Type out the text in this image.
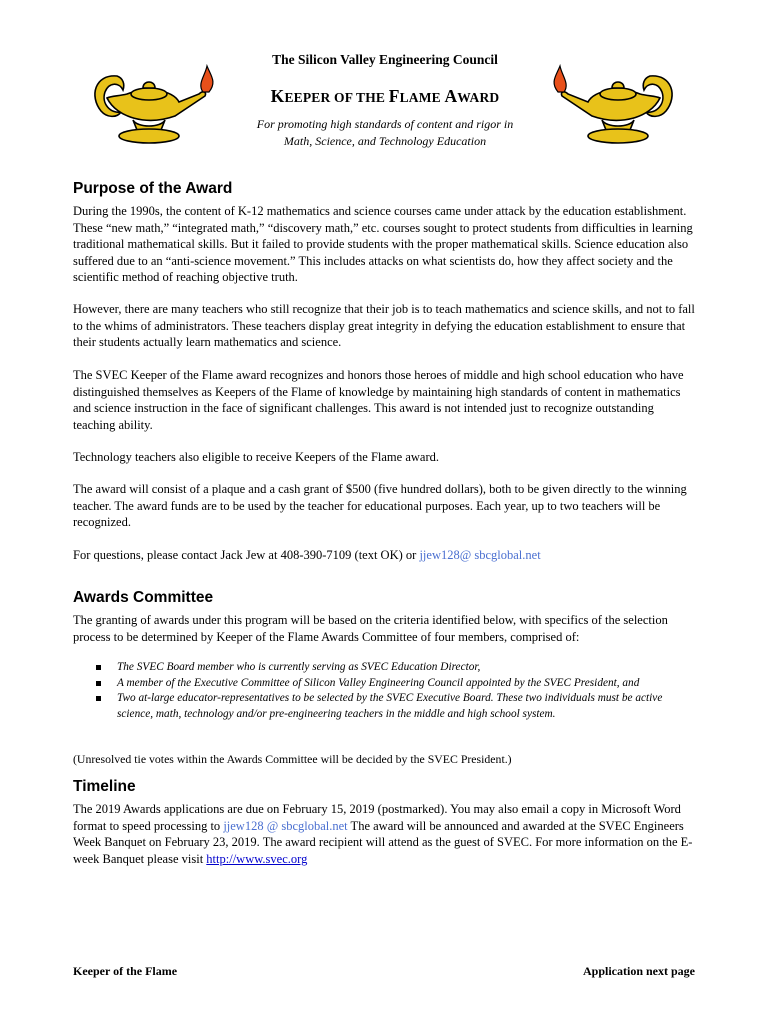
The Silicon Valley Engineering Council
KEEPER OF THE FLAME AWARD
For promoting high standards of content and rigor in
Math, Science, and Technology Education
Purpose of the Award
During the 1990s, the content of K-12 mathematics and science courses came under attack by the education establishment. These “new math,” “integrated math,” “discovery math,” etc. courses sought to protect students from difficulties in learning traditional mathematical skills. But it failed to provide students with the proper mathematical skills. Science education also suffered due to an “anti-science movement.” This includes attacks on what scientists do, how they affect society and the scientific method of reaching objective truth.
However, there are many teachers who still recognize that their job is to teach mathematics and science skills, and not to fall to the whims of administrators. These teachers display great integrity in defying the education establishment to ensure that their students actually learn mathematics and science.
The SVEC Keeper of the Flame award recognizes and honors those heroes of middle and high school education who have distinguished themselves as Keepers of the Flame of knowledge by maintaining high standards of content in mathematics and science instruction in the face of significant challenges. This award is not intended just to recognize outstanding teaching ability.
Technology teachers also eligible to receive Keepers of the Flame award.
The award will consist of a plaque and a cash grant of $500 (five hundred dollars), both to be given directly to the winning teacher. The award funds are to be used by the teacher for educational purposes. Each year, up to two teachers will be recognized.
For questions, please contact Jack Jew at 408-390-7109 (text OK) or jjew128@ sbcglobal.net
Awards Committee
The granting of awards under this program will be based on the criteria identified below, with specifics of the selection process to be determined by Keeper of the Flame Awards Committee of four members, comprised of:
The SVEC Board member who is currently serving as SVEC Education Director,
A member of the Executive Committee of Silicon Valley Engineering Council appointed by the SVEC President, and
Two at-large educator-representatives to be selected by the SVEC Executive Board. These two individuals must be active science, math, technology and/or pre-engineering teachers in the middle and high school system.
(Unresolved tie votes within the Awards Committee will be decided by the SVEC President.)
Timeline
The 2019 Awards applications are due on February 15, 2019 (postmarked). You may also email a copy in Microsoft Word format to speed processing to jjew128 @ sbcglobal.net The award will be announced and awarded at the SVEC Engineers Week Banquet on February 23, 2019. The award recipient will attend as the guest of SVEC. For more information on the E-week Banquet please visit http://www.svec.org
Keeper of the Flame	Application next page
